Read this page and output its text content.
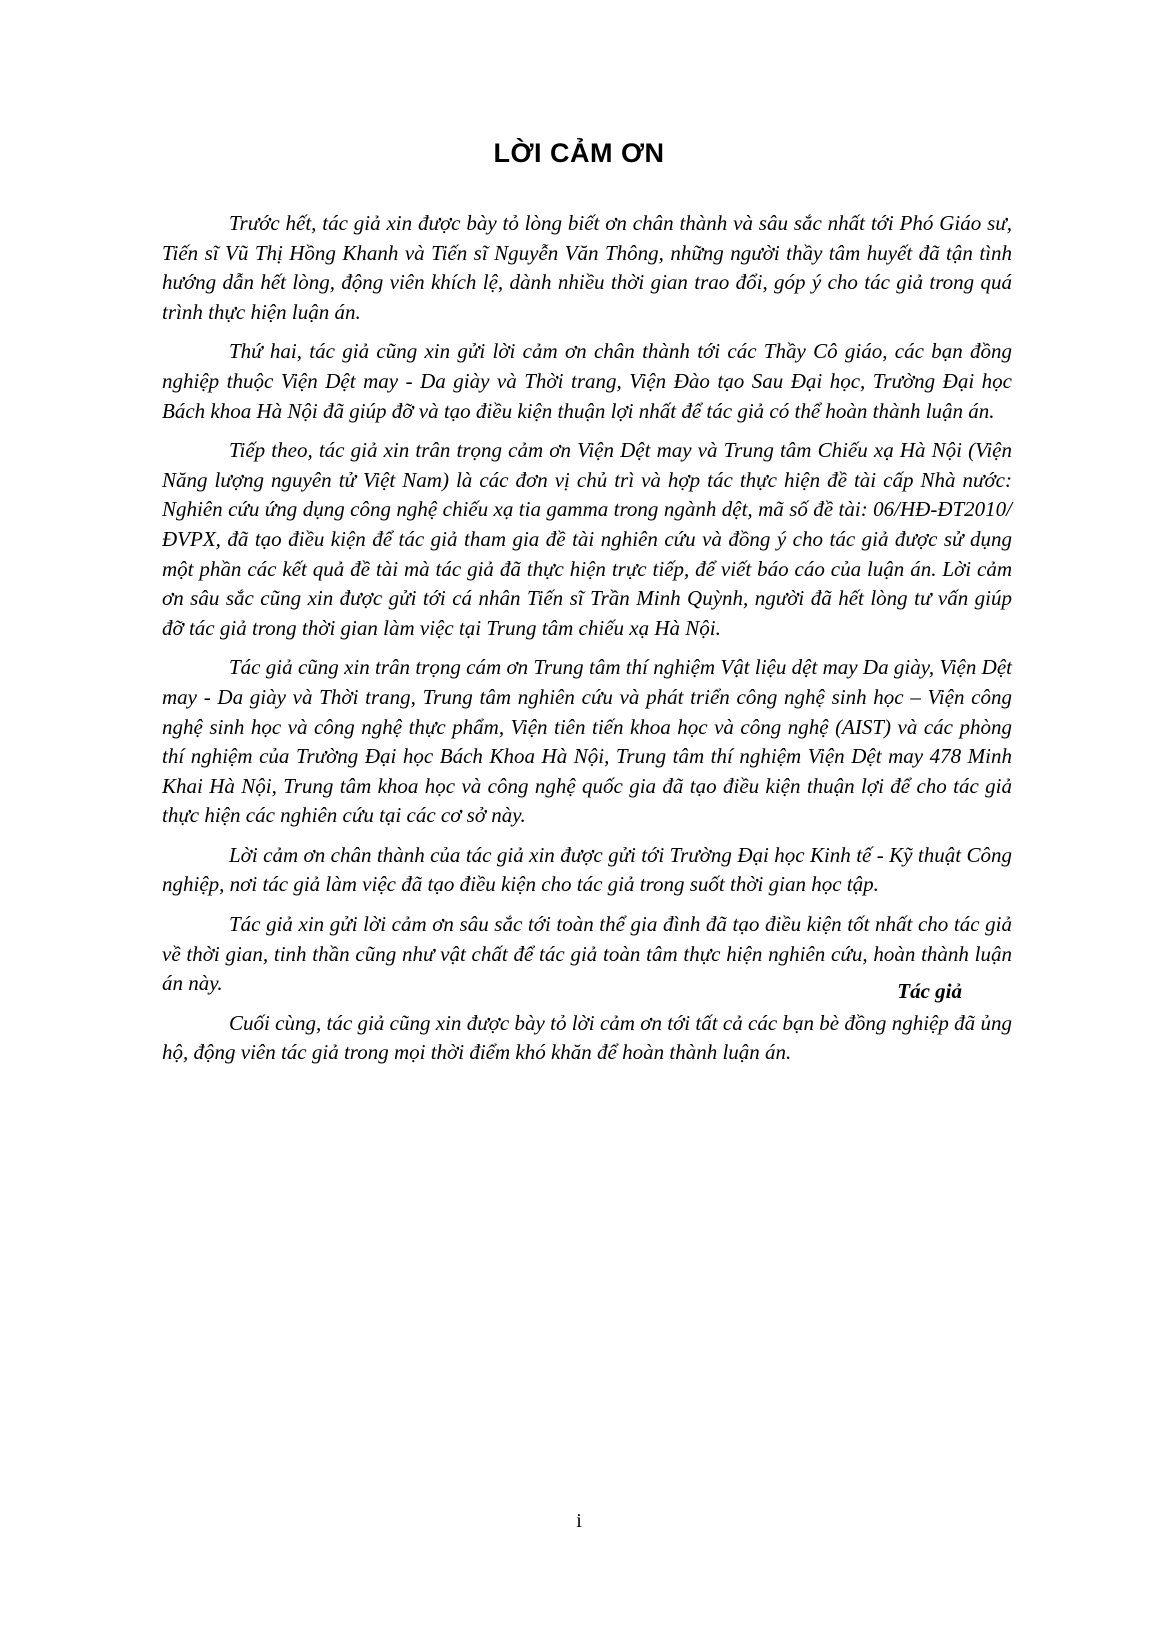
LỜI CẢM ƠN

Trước hết, tác giả xin được bày tỏ lòng biết ơn chân thành và sâu sắc nhất tới Phó Giáo sư, Tiến sĩ Vũ Thị Hồng Khanh và Tiến sĩ Nguyễn Văn Thông, những người thầy tâm huyết đã tận tình hướng dẫn hết lòng, động viên khích lệ, dành nhiều thời gian trao đổi, góp ý cho tác giả trong quá trình thực hiện luận án.

Thứ hai, tác giả cũng xin gửi lời cảm ơn chân thành tới các Thầy Cô giáo, các bạn đồng nghiệp thuộc Viện Dệt may - Da giày và Thời trang, Viện Đào tạo Sau Đại học, Trường Đại học Bách khoa Hà Nội đã giúp đỡ và tạo điều kiện thuận lợi nhất để tác giả có thể hoàn thành luận án.

Tiếp theo, tác giả xin trân trọng cảm ơn Viện Dệt may và Trung tâm Chiếu xạ Hà Nội (Viện Năng lượng nguyên tử Việt Nam) là các đơn vị chủ trì và hợp tác thực hiện đề tài cấp Nhà nước: Nghiên cứu ứng dụng công nghệ chiếu xạ tia gamma trong ngành dệt, mã số đề tài: 06/HĐ-ĐT2010/ĐVPX, đã tạo điều kiện để tác giả tham gia đề tài nghiên cứu và đồng ý cho tác giả được sử dụng một phần các kết quả đề tài mà tác giả đã thực hiện trực tiếp, để viết báo cáo của luận án. Lời cảm ơn sâu sắc cũng xin được gửi tới cá nhân Tiến sĩ Trần Minh Quỳnh, người đã hết lòng tư vấn giúp đỡ tác giả trong thời gian làm việc tại Trung tâm chiếu xạ Hà Nội.

Tác giả cũng xin trân trọng cám ơn Trung tâm thí nghiệm Vật liệu dệt may Da giày, Viện Dệt may - Da giày và Thời trang, Trung tâm nghiên cứu và phát triển công nghệ sinh học – Viện công nghệ sinh học và công nghệ thực phẩm, Viện tiên tiến khoa học và công nghệ (AIST) và các phòng thí nghiệm của Trường Đại học Bách Khoa Hà Nội, Trung tâm thí nghiệm Viện Dệt may 478 Minh Khai Hà Nội, Trung tâm khoa học và công nghệ quốc gia đã tạo điều kiện thuận lợi để cho tác giả thực hiện các nghiên cứu tại các cơ sở này.

Lời cảm ơn chân thành của tác giả xin được gửi tới Trường Đại học Kinh tế - Kỹ thuật Công nghiệp, nơi tác giả làm việc đã tạo điều kiện cho tác giả trong suốt thời gian học tập.

Tác giả xin gửi lời cảm ơn sâu sắc tới toàn thể gia đình đã tạo điều kiện tốt nhất cho tác giả về thời gian, tinh thần cũng như vật chất để tác giả toàn tâm thực hiện nghiên cứu, hoàn thành luận án này.

Cuối cùng, tác giả cũng xin được bày tỏ lời cảm ơn tới tất cả các bạn bè đồng nghiệp đã ủng hộ, động viên tác giả trong mọi thời điểm khó khăn để hoàn thành luận án.

Tác giả
i
